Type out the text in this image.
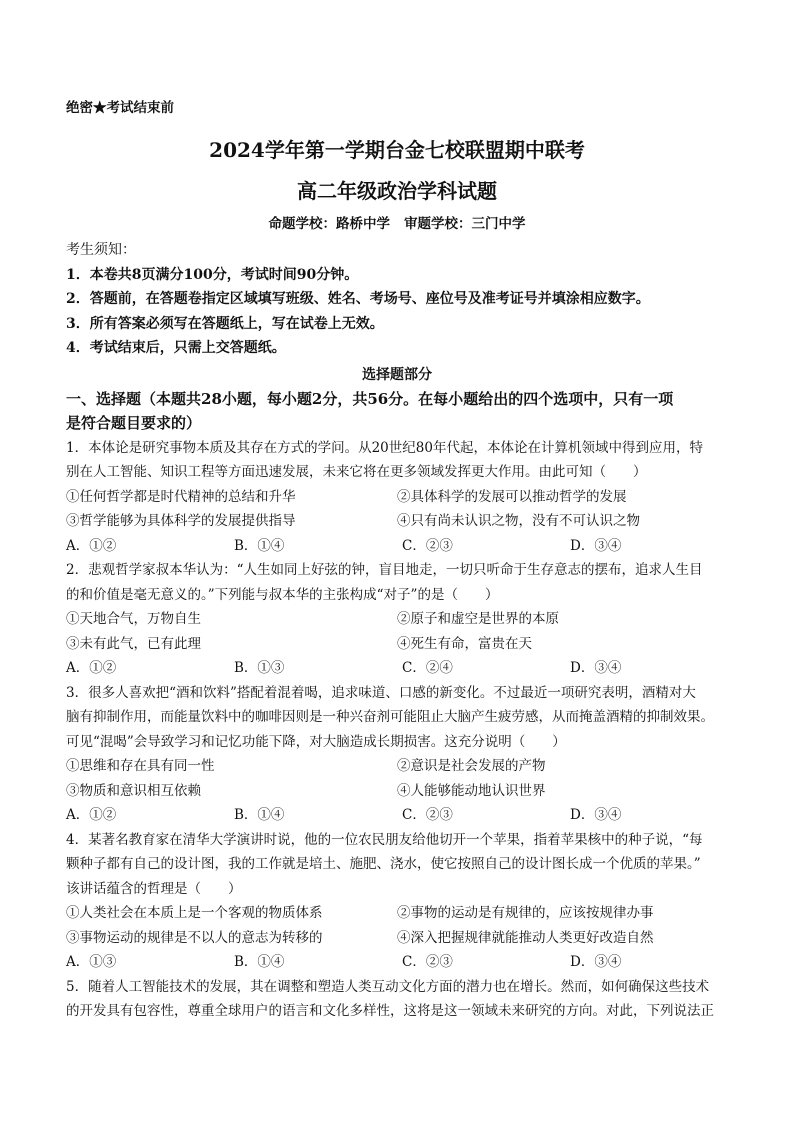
绝密★考试结束前
2024学年第一学期台金七校联盟期中联考
高二年级政治学科试题
命题学校：路桥中学 审题学校：三门中学
考生须知：
1．本卷共8页满分100分，考试时间90分钟。
2．答题前，在答题卷指定区域填写班级、姓名、考场号、座位号及准考证号并填涂相应数字。
3．所有答案必须写在答题纸上，写在试卷上无效。
4．考试结束后，只需上交答题纸。
选择题部分
一、选择题（本题共28小题，每小题2分，共56分。在每小题给出的四个选项中，只有一项
是符合题目要求的）
1．本体论是研究事物本质及其存在方式的学问。从20世纪80年代起，本体论在计算机领域中得到应用，特
别在人工智能、知识工程等方面迅速发展，未来它将在更多领域发挥更大作用。由此可知（　　）
①任何哲学都是时代精神的总结和升华	②具体科学的发展可以推动哲学的发展
③哲学能够为具体科学的发展提供指导	④只有尚未认识之物，没有不可认识之物
A．①②	B．①④	C．②③	D．③④
2．悲观哲学家叔本华认为：“人生如同上好弦的钟，盲目地走，一切只听命于生存意志的摆布，追求人生目
的和价值是毫无意义的。”下列能与叔本华的主张构成“对子”的是（　　）
①天地合气，万物自生	②原子和虚空是世界的本原
③未有此气，已有此理	④死生有命，富贵在天
A．①②	B．①③	C．②④	D．③④
3．很多人喜欢把“酒和饮料”搭配着混着喝，追求味道、口感的新变化。不过最近一项研究表明，酒精对大
脑有抑制作用，而能量饮料中的咖啡因则是一种兴奋剂可能阻止大脑产生疲劳感，从而掩盖酒精的抑制效果。
可见“混喝”会导致学习和记忆功能下降，对大脑造成长期损害。这充分说明（　　）
①思维和存在具有同一性	②意识是社会发展的产物
③物质和意识相互依赖	④人能够能动地认识世界
A．①②	B．①④	C．②③	D．③④
4．某著名教育家在清华大学演讲时说，他的一位农民朋友给他切开一个苹果，指着苹果核中的种子说，“每
颗种子都有自己的设计图，我的工作就是培土、施肥、浇水，使它按照自己的设计图长成一个优质的苹果。”
该讲话蕴含的哲理是（　　）
①人类社会在本质上是一个客观的物质体系	②事物的运动是有规律的，应该按规律办事
③事物运动的规律是不以人的意志为转移的	④深入把握规律就能推动人类更好改造自然
A．①③	B．①④	C．②③	D．③④
5．随着人工智能技术的发展，其在调整和塑造人类互动文化方面的潜力也在增长。然而，如何确保这些技术
的开发具有包容性，尊重全球用户的语言和文化多样性，这将是这一领域未来研究的方向。对此，下列说法正
